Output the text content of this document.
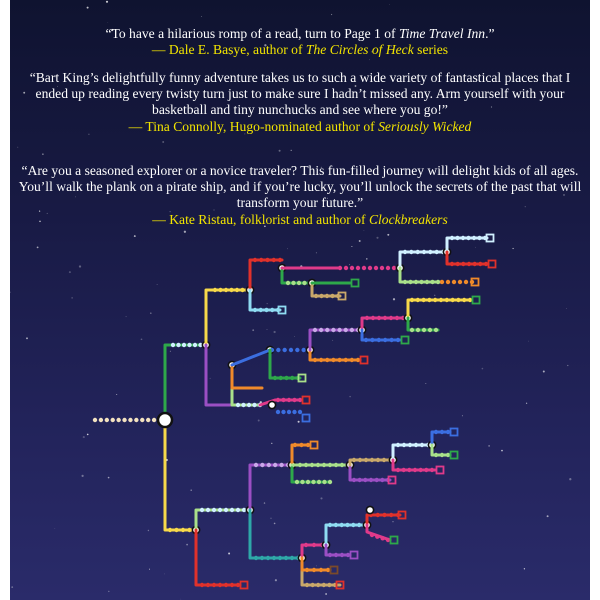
“To have a hilarious romp of a read, turn to Page 1 of Time Travel Inn.”
— Dale E. Basye, author of The Circles of Heck series
“Bart King’s delightfully funny adventure takes us to such a wide variety of fantastical places that I ended up reading every twisty turn just to make sure I hadn’t missed any. Arm yourself with your basketball and tiny nunchucks and see where you go!”
— Tina Connolly, Hugo-nominated author of Seriously Wicked
“Are you a seasoned explorer or a novice traveler? This fun-filled journey will delight kids of all ages. You’ll walk the plank on a pirate ship, and if you’re lucky, you’ll unlock the secrets of the past that will transform your future.”
— Kate Ristau, folklorist and author of Clockbreakers
